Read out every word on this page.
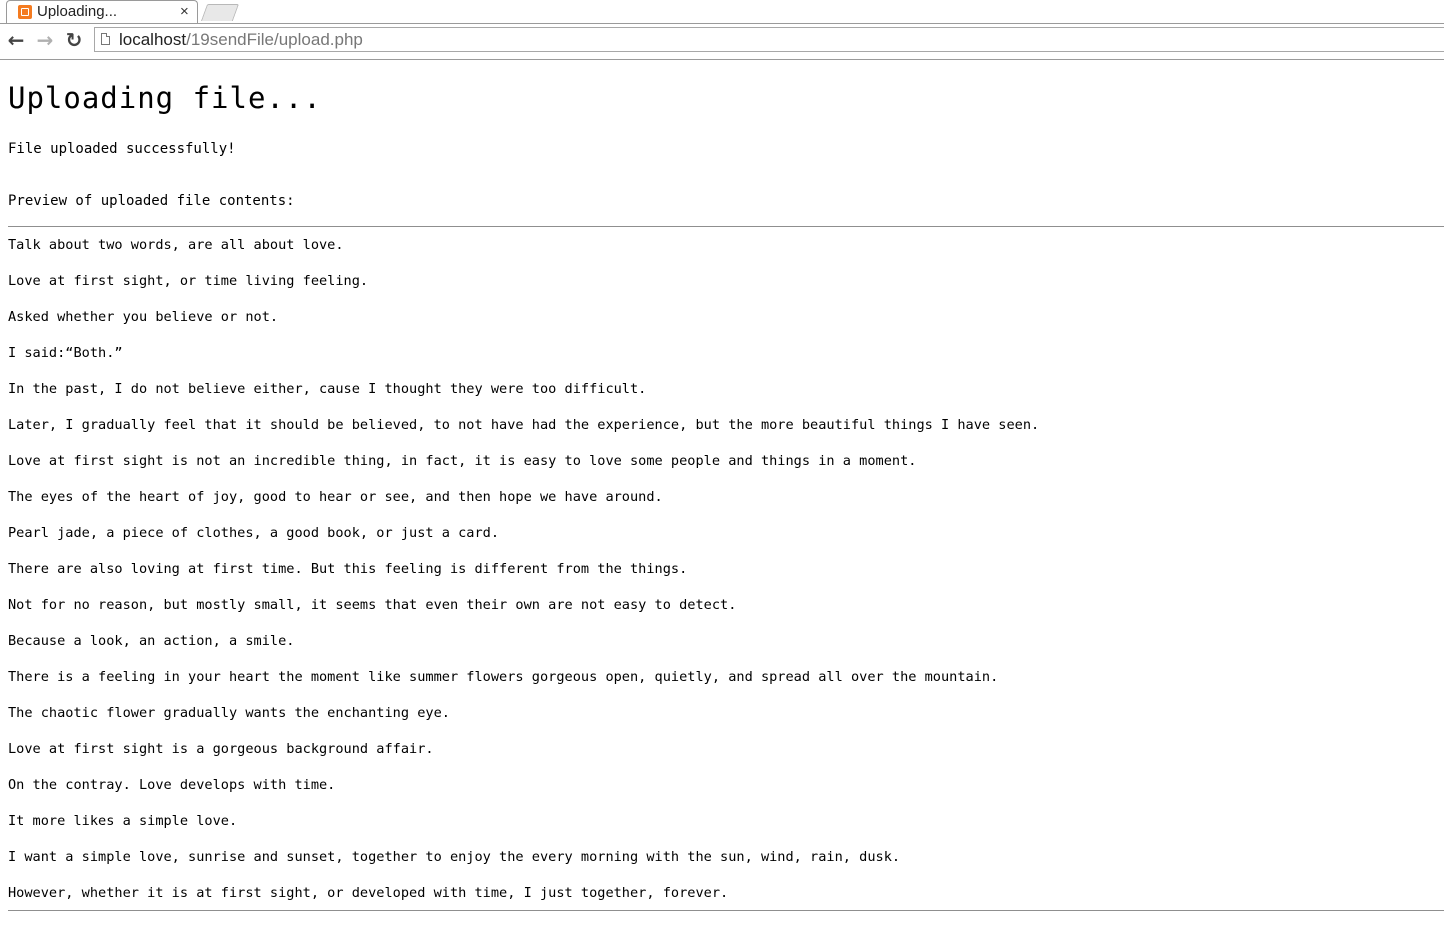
Uploading...	×
← → ↻ localhost/19sendFile/upload.php
Uploading file...
File uploaded successfully!
Preview of uploaded file contents:
Talk about two words, are all about love.
Love at first sight, or time living feeling.
Asked whether you believe or not.
I said:“Both.”
In the past, I do not believe either, cause I thought they were too difficult.
Later, I gradually feel that it should be believed, to not have had the experience, but the more beautiful things I have seen.
Love at first sight is not an incredible thing, in fact, it is easy to love some people and things in a moment.
The eyes of the heart of joy, good to hear or see, and then hope we have around.
Pearl jade, a piece of clothes, a good book, or just a card.
There are also loving at first time. But this feeling is different from the things.
Not for no reason, but mostly small, it seems that even their own are not easy to detect.
Because a look, an action, a smile.
There is a feeling in your heart the moment like summer flowers gorgeous open, quietly, and spread all over the mountain.
The chaotic flower gradually wants the enchanting eye.
Love at first sight is a gorgeous background affair.
On the contray. Love develops with time.
It more likes a simple love.
I want a simple love, sunrise and sunset, together to enjoy the every morning with the sun, wind, rain, dusk.
However, whether it is at first sight, or developed with time, I just together, forever.
